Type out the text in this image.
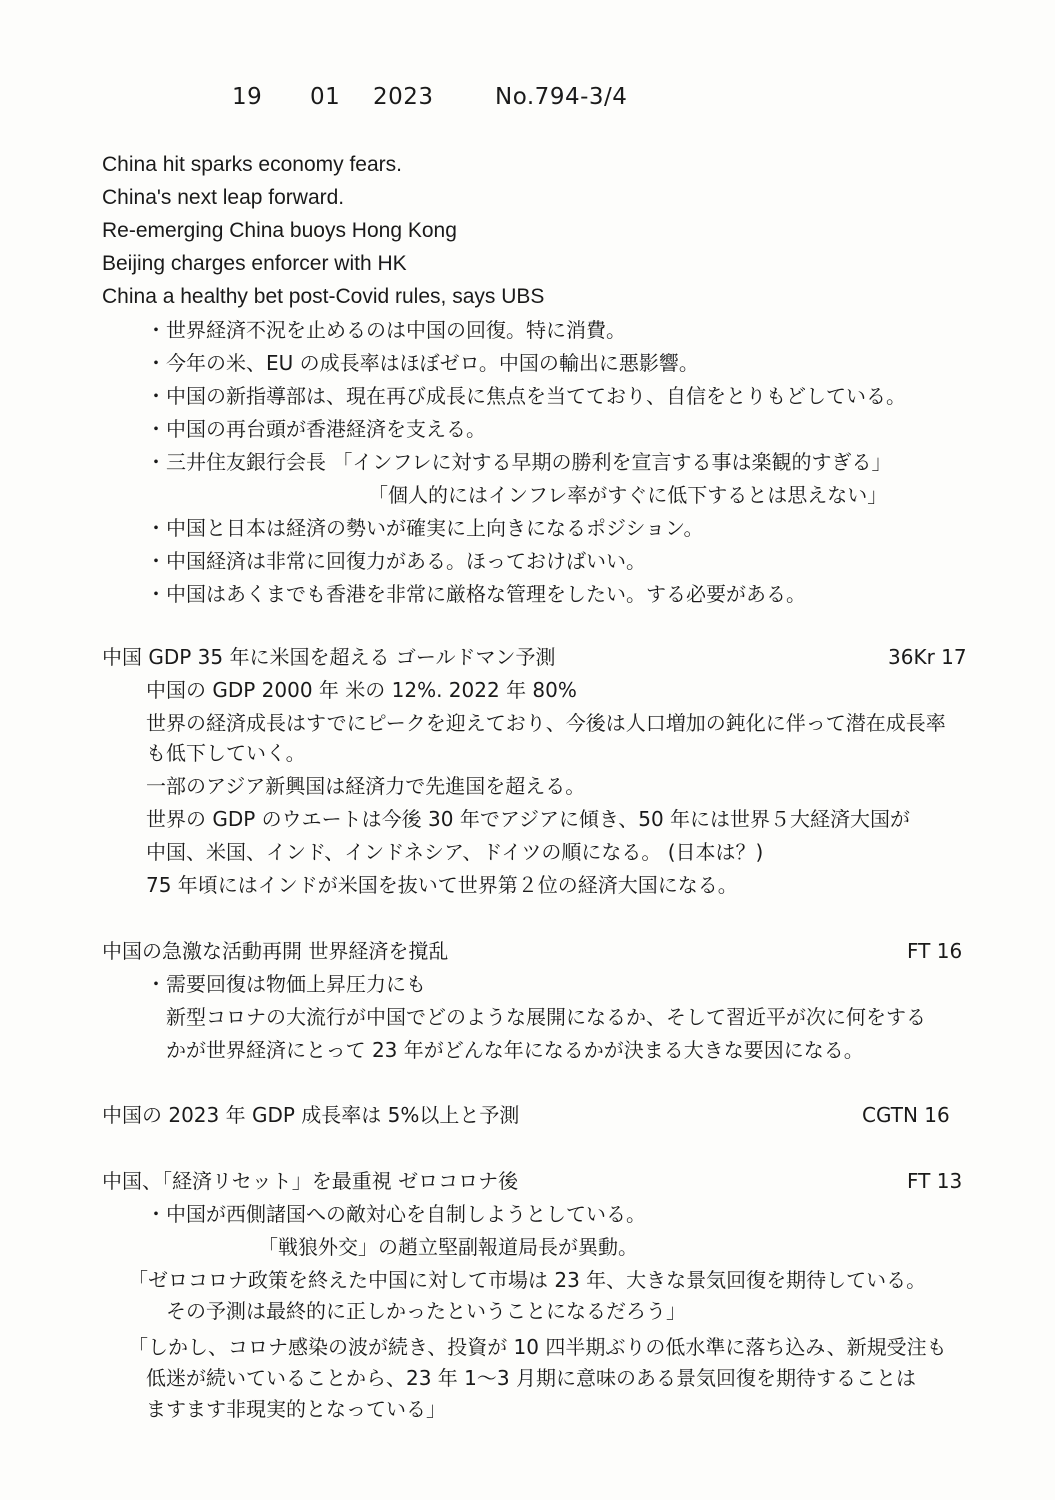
19 01 2023	No.794-3/4
China hit sparks economy fears.
China's next leap forward.
Re-emerging China buoys Hong Kong
Beijing charges enforcer with HK
China a healthy bet post-Covid rules, says UBS
・世界経済不況を止めるのは中国の回復。特に消費。
・今年の米、EU の成長率はほぼゼロ。中国の輸出に悪影響。
・中国の新指導部は、現在再び成長に焦点を当てており、自信をとりもどしている。
・中国の再台頭が香港経済を支える。
・三井住友銀行会長 「インフレに対する早期の勝利を宣言する事は楽観的すぎる」
「個人的にはインフレ率がすぐに低下するとは思えない」
・中国と日本は経済の勢いが確実に上向きになるポジション。
・中国経済は非常に回復力がある。ほっておけばいい。
・中国はあくまでも香港を非常に厳格な管理をしたい。する必要がある。
中国 GDP 35 年に米国を超える ゴールドマン予測	36Kr 17
中国の GDP 2000 年 米の 12%. 2022 年 80%
世界の経済成長はすでにピークを迎えており、今後は人口増加の鈍化に伴って潜在成長率
も低下していく。
一部のアジア新興国は経済力で先進国を超える。
世界の GDP のウエートは今後 30 年でアジアに傾き、50 年には世界５大経済大国が
中国、米国、インド、インドネシア、ドイツの順になる。 (日本は？)
75 年頃にはインドが米国を抜いて世界第２位の経済大国になる。
中国の急激な活動再開 世界経済を撹乱	FT 16
・需要回復は物価上昇圧力にも
新型コロナの大流行が中国でどのような展開になるか、そして習近平が次に何をする
かが世界経済にとって 23 年がどんな年になるかが決まる大きな要因になる。
中国の 2023 年 GDP 成長率は 5%以上と予測	CGTN 16
中国、「経済リセット」を最重視 ゼロコロナ後	FT 13
・中国が西側諸国への敵対心を自制しようとしている。
「戦狼外交」の趙立堅副報道局長が異動。
「ゼロコロナ政策を終えた中国に対して市場は 23 年、大きな景気回復を期待している。
その予測は最終的に正しかったということになるだろう」
「しかし、コロナ感染の波が続き、投資が 10 四半期ぶりの低水準に落ち込み、新規受注も
低迷が続いていることから、23 年 1〜3 月期に意味のある景気回復を期待することは
ますます非現実的となっている」
